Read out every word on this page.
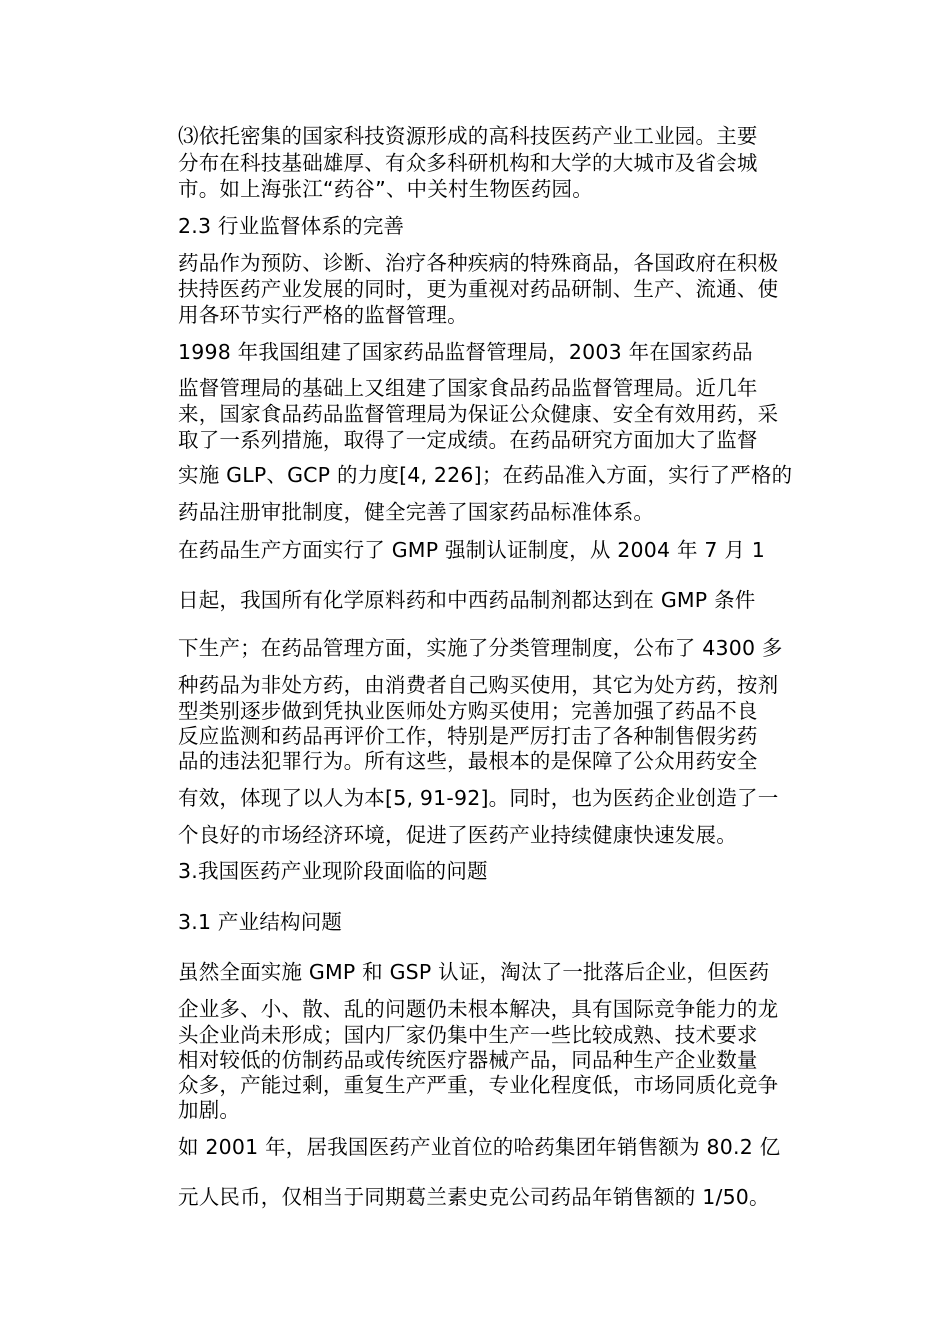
⑶依托密集的国家科技资源形成的高科技医药产业工业园。主要
分布在科技基础雄厚、有众多科研机构和大学的大城市及省会城
市。如上海张江“药谷”、中关村生物医药园。
2.3 行业监督体系的完善
药品作为预防、诊断、治疗各种疾病的特殊商品，各国政府在积极
扶持医药产业发展的同时，更为重视对药品研制、生产、流通、使
用各环节实行严格的监督管理。
1998 年我国组建了国家药品监督管理局，2003 年在国家药品
监督管理局的基础上又组建了国家食品药品监督管理局。近几年
来，国家食品药品监督管理局为保证公众健康、安全有效用药，采
取了一系列措施，取得了一定成绩。在药品研究方面加大了监督
实施 GLP、GCP 的力度[4, 226]；在药品准入方面，实行了严格的
药品注册审批制度，健全完善了国家药品标准体系。
在药品生产方面实行了 GMP 强制认证制度，从 2004 年 7 月 1
日起，我国所有化学原料药和中西药品制剂都达到在 GMP 条件
下生产；在药品管理方面，实施了分类管理制度，公布了 4300 多
种药品为非处方药，由消费者自己购买使用，其它为处方药，按剂
型类别逐步做到凭执业医师处方购买使用；完善加强了药品不良
反应监测和药品再评价工作，特别是严厉打击了各种制售假劣药
品的违法犯罪行为。所有这些，最根本的是保障了公众用药安全
有效，体现了以人为本[5, 91-92]。同时，也为医药企业创造了一
个良好的市场经济环境，促进了医药产业持续健康快速发展。
3.我国医药产业现阶段面临的问题
3.1 产业结构问题
虽然全面实施 GMP 和 GSP 认证，淘汰了一批落后企业，但医药
企业多、小、散、乱的问题仍未根本解决，具有国际竞争能力的龙
头企业尚未形成；国内厂家仍集中生产一些比较成熟、技术要求
相对较低的仿制药品或传统医疗器械产品，同品种生产企业数量
众多，产能过剩，重复生产严重，专业化程度低，市场同质化竞争
加剧。
如 2001 年，居我国医药产业首位的哈药集团年销售额为 80.2 亿
元人民币，仅相当于同期葛兰素史克公司药品年销售额的 1/50。
